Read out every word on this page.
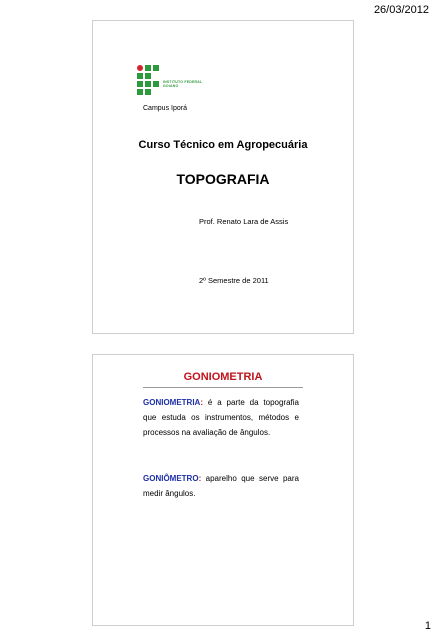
26/03/2012
INSTITUTO FEDERAL
GOIANO
Campus Iporá
Curso Técnico em Agropecuária
TOPOGRAFIA
Prof. Renato Lara de Assis
2º Semestre de 2011
GONIOMETRIA
GONIOMETRIA: é a parte da topografia que estuda os instrumentos, métodos e processos na avaliação de ângulos.
GONIÔMETRO: aparelho que serve para medir ângulos.
1
